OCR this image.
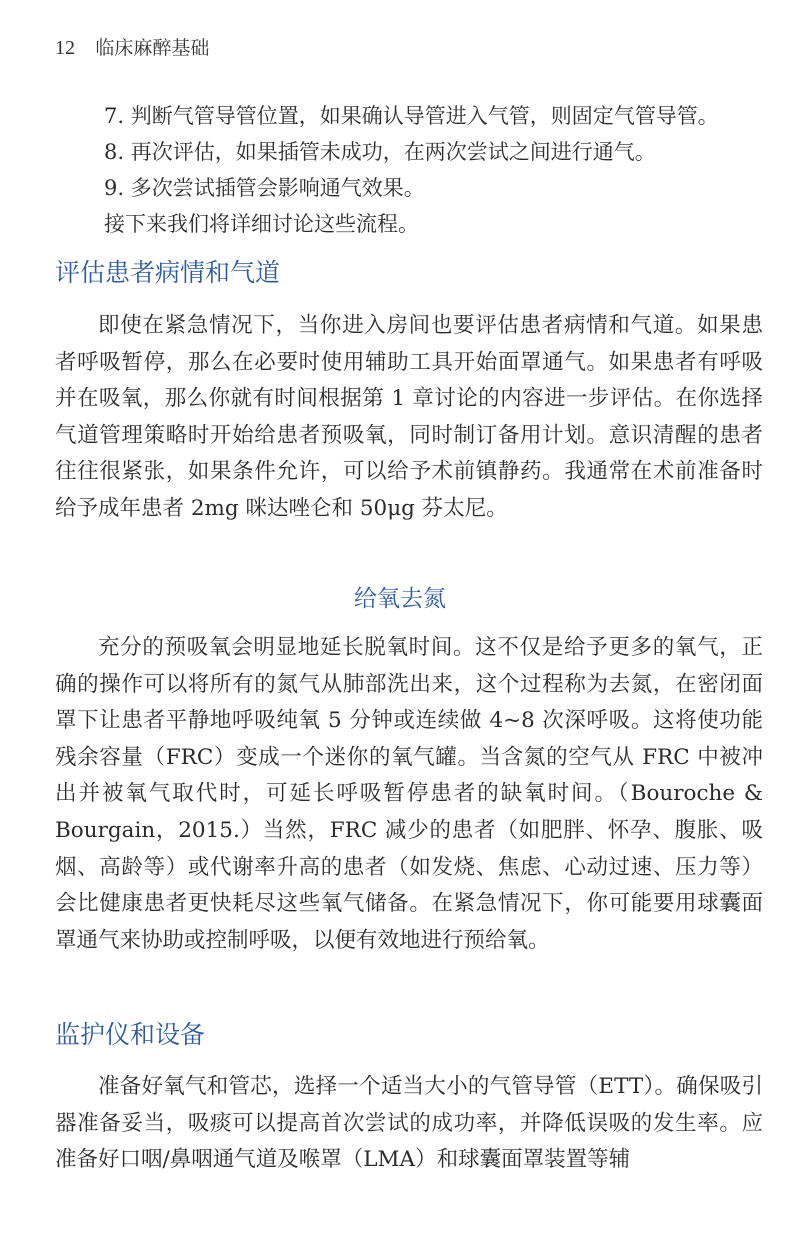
12 临床麻醉基础
7. 判断气管导管位置，如果确认导管进入气管，则固定气管导管。
8. 再次评估，如果插管未成功，在两次尝试之间进行通气。
9. 多次尝试插管会影响通气效果。
接下来我们将详细讨论这些流程。
评估患者病情和气道

即使在紧急情况下，当你进入房间也要评估患者病情和气道。如果患者呼吸暂停，那么在必要时使用辅助工具开始面罩通气。如果患者有呼吸并在吸氧，那么你就有时间根据第 1 章讨论的内容进一步评估。在你选择气道管理策略时开始给患者预吸氧，同时制订备用计划。意识清醒的患者往往很紧张，如果条件允许，可以给予术前镇静药。我通常在术前准备时给予成年患者 2mg 咪达唑仑和 50μg 芬太尼。

给氧去氮

充分的预吸氧会明显地延长脱氧时间。这不仅是给予更多的氧气，正确的操作可以将所有的氮气从肺部洗出来，这个过程称为去氮，在密闭面罩下让患者平静地呼吸纯氧 5 分钟或连续做 4~8 次深呼吸。这将使功能残余容量（FRC）变成一个迷你的氧气罐。当含氮的空气从 FRC 中被冲出并被氧气取代时，可延长呼吸暂停患者的缺氧时间。（Bouroche & Bourgain，2015.）当然，FRC 减少的患者（如肥胖、怀孕、腹胀、吸烟、高龄等）或代谢率升高的患者（如发烧、焦虑、心动过速、压力等）会比健康患者更快耗尽这些氧气储备。在紧急情况下，你可能要用球囊面罩通气来协助或控制呼吸，以便有效地进行预给氧。

监护仪和设备

准备好氧气和管芯，选择一个适当大小的气管导管（ETT）。确保吸引器准备妥当，吸痰可以提高首次尝试的成功率，并降低误吸的发生率。应准备好口咽/鼻咽通气道及喉罩（LMA）和球囊面罩装置等辅
